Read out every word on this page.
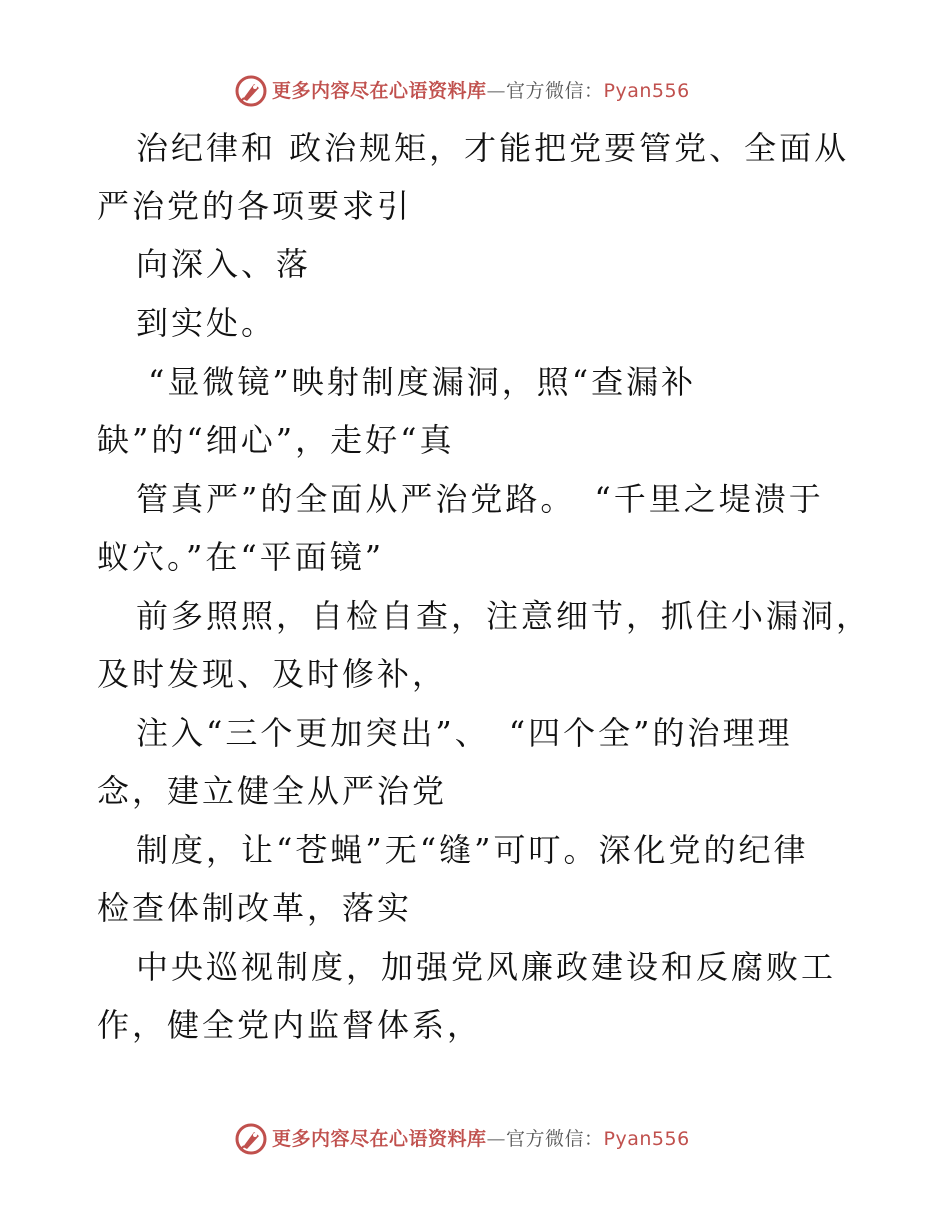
更多内容尽在心语资料库—官方微信：Pyan556
治纪律和 政治规矩，才能把党要管党、全面从
严治党的各项要求引
向深入、落
到实处。
“显微镜”映射制度漏洞，照“查漏补
缺”的“细心”，走好“真
管真严”的全面从严治党路。　“千里之堤溃于
蚁穴。”在“平面镜”
前多照照，自检自查，注意细节，抓住小漏洞，
及时发现、及时修补，
注入“三个更加突出”、　“四个全”的治理理
念，建立健全从严治党
制度，让“苍蝇”无“缝”可叮。深化党的纪律
检查体制改革，落实
中央巡视制度，加强党风廉政建设和反腐败工
作，健全党内监督体系，
更多内容尽在心语资料库—官方微信：Pyan556
